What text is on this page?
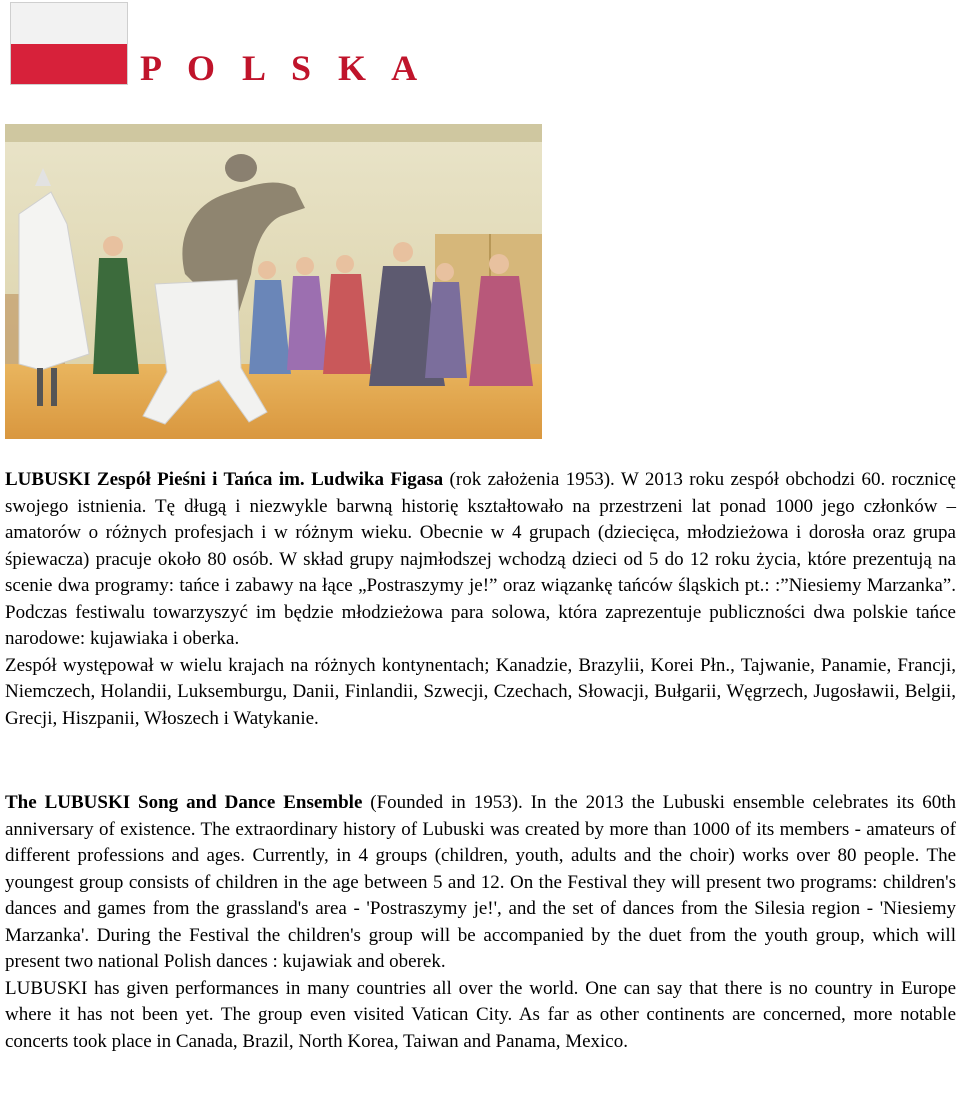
P O L S K A

LUBUSKI Zespół Pieśni i Tańca im. Ludwika Figasa (rok założenia 1953). W 2013 roku zespół obchodzi 60. rocznicę swojego istnienia. Tę długą i niezwykle barwną historię kształtowało na przestrzeni lat ponad 1000 jego członków – amatorów o różnych profesjach i w różnym wieku. Obecnie w 4 grupach (dziecięca, młodzieżowa i dorosła oraz grupa śpiewacza) pracuje około 80 osób. W skład grupy najmłodszej wchodzą dzieci od 5 do 12 roku życia, które prezentują na scenie dwa programy: tańce i zabawy na łące „Postraszymy je!” oraz wiązankę tańców śląskich pt.: :”Niesiemy Marzanka”. Podczas festiwalu towarzyszyć im będzie młodzieżowa para solowa, która zaprezentuje publiczności dwa polskie tańce narodowe: kujawiaka i oberka.

Zespół występował w wielu krajach na różnych kontynentach; Kanadzie, Brazylii, Korei Płn., Tajwanie, Panamie, Francji, Niemczech, Holandii, Luksemburgu, Danii, Finlandii, Szwecji, Czechach, Słowacji, Bułgarii, Węgrzech, Jugosławii, Belgii, Grecji, Hiszpanii, Włoszech i Watykanie.

The LUBUSKI Song and Dance Ensemble (Founded in 1953). In the 2013 the Lubuski ensemble celebrates its 60th anniversary of existence. The extraordinary history of Lubuski was created by more than 1000 of its members - amateurs of different professions and ages. Currently, in 4 groups (children, youth, adults and the choir) works over 80 people. The youngest group consists of children in the age between 5 and 12. On the Festival they will present two programs: children's dances and games from the grassland's area - 'Postraszymy je!', and the set of dances from the Silesia region - 'Niesiemy Marzanka'. During the Festival the children's group will be accompanied by the duet from the youth group, which will present two national Polish dances : kujawiak and oberek.

LUBUSKI has given performances in many countries all over the world. One can say that there is no country in Europe where it has not been yet. The group even visited Vatican City. As far as other continents are concerned, more notable concerts took place in Canada, Brazil, North Korea, Taiwan and Panama, Mexico.
